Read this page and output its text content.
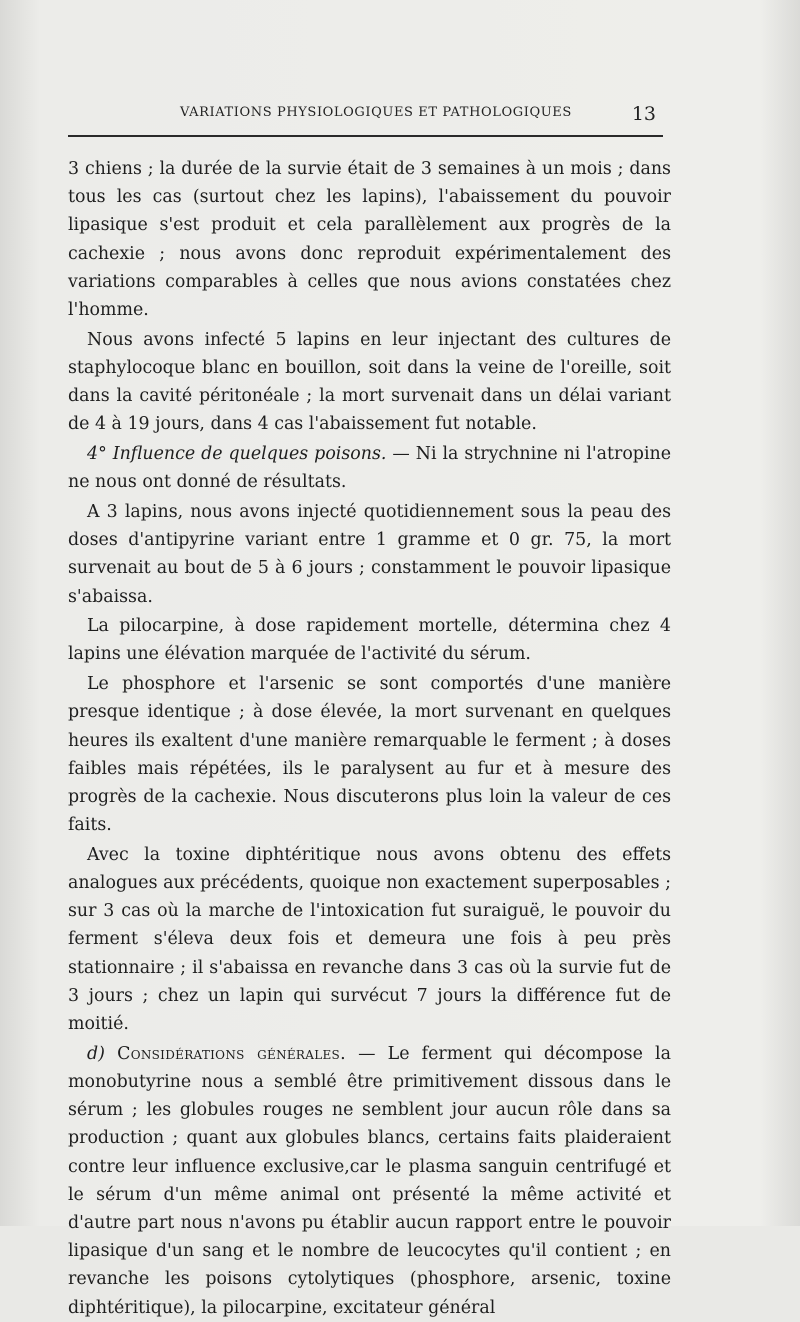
VARIATIONS PHYSIOLOGIQUES ET PATHOLOGIQUES	13

3 chiens ; la durée de la survie était de 3 semaines à un mois ; dans tous les cas (surtout chez les lapins), l'abaissement du pouvoir lipasique s'est produit et cela parallèlement aux progrès de la cachexie ; nous avons donc reproduit expérimentalement des variations comparables à celles que nous avions constatées chez l'homme.

Nous avons infecté 5 lapins en leur injectant des cultures de staphylocoque blanc en bouillon, soit dans la veine de l'oreille, soit dans la cavité péritonéale ; la mort survenait dans un délai variant de 4 à 19 jours, dans 4 cas l'abaissement fut notable.

4° Influence de quelques poisons. — Ni la strychnine ni l'atropine ne nous ont donné de résultats.

A 3 lapins, nous avons injecté quotidiennement sous la peau des doses d'antipyrine variant entre 1 gramme et 0 gr. 75, la mort survenait au bout de 5 à 6 jours ; constamment le pouvoir lipasique s'abaissa.

La pilocarpine, à dose rapidement mortelle, détermina chez 4 lapins une élévation marquée de l'activité du sérum.

Le phosphore et l'arsenic se sont comportés d'une manière presque identique ; à dose élevée, la mort survenant en quelques heures ils exaltent d'une manière remarquable le ferment ; à doses faibles mais répétées, ils le paralysent au fur et à mesure des progrès de la cachexie. Nous discuterons plus loin la valeur de ces faits.

Avec la toxine diphtéritique nous avons obtenu des effets analogues aux précédents, quoique non exactement superposables ; sur 3 cas où la marche de l'intoxication fut suraiguë, le pouvoir du ferment s'éleva deux fois et demeura une fois à peu près stationnaire ; il s'abaissa en revanche dans 3 cas où la survie fut de 3 jours ; chez un lapin qui survécut 7 jours la différence fut de moitié.

d) Considérations générales. — Le ferment qui décompose la monobutyrine nous a semblé être primitivement dissous dans le sérum ; les globules rouges ne semblent jour aucun rôle dans sa production ; quant aux globules blancs, certains faits plaideraient contre leur influence exclusive,car le plasma sanguin centrifugé et le sérum d'un même animal ont présenté la même activité et d'autre part nous n'avons pu établir aucun rapport entre le pouvoir lipasique d'un sang et le nombre de leucocytes qu'il contient ; en revanche les poisons cytolytiques (phosphore, arsenic, toxine diphtéritique), la pilocarpine, excitateur général
